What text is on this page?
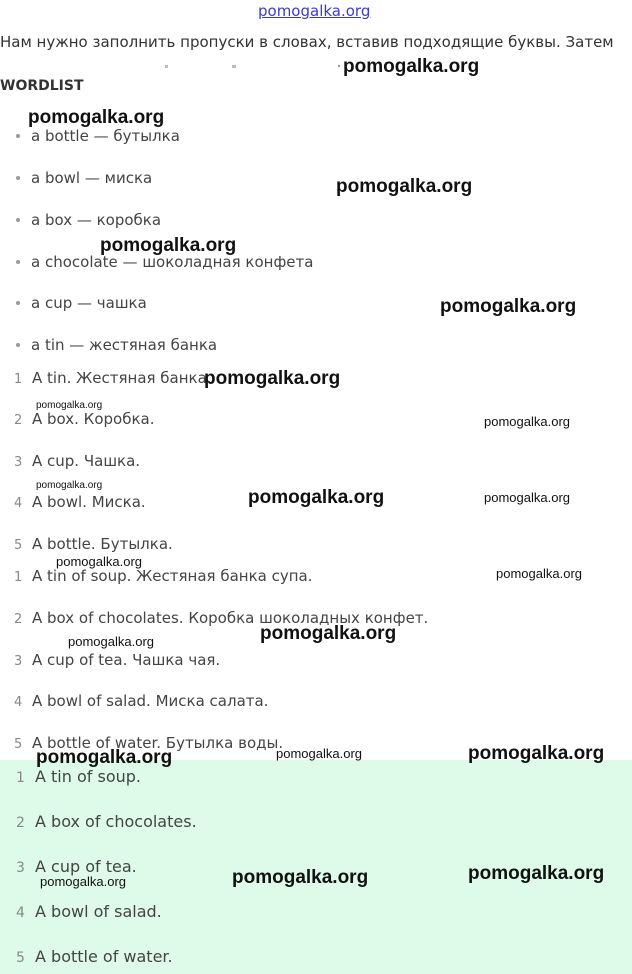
pomogalka.org
Нам нужно заполнить пропуски в словах, вставив подходящие буквы. Затем
WORDLIST
a bottle — бутылка
a bowl — миска
a box — коробка
a chocolate — шоколадная конфета
a cup — чашка
a tin — жестяная банка
1 A tin. Жестяная банка.
2 A box. Коробка.
3 A cup. Чашка.
4 A bowl. Миска.
5 A bottle. Бутылка.
1 A tin of soup. Жестяная банка супа.
2 A box of chocolates. Коробка шоколадных конфет.
3 A cup of tea. Чашка чая.
4 A bowl of salad. Миска салата.
5 A bottle of water. Бутылка воды.
1 A tin of soup.
2 A box of chocolates.
3 A cup of tea.
4 A bowl of salad.
5 A bottle of water.
pomogalka.org
pomogalka.org
pomogalka.org
pomogalka.org
pomogalka.org
pomogalka.org
pomogalka.org
pomogalka.org
pomogalka.org
pomogalka.org	pomogalka.org
pomogalka.org
pomogalka.org
pomogalka.org
pomogalka.org
pomogalka.org	pomogalka.org	pomogalka.org
pomogalka.org	pomogalka.org	pomogalka.org
